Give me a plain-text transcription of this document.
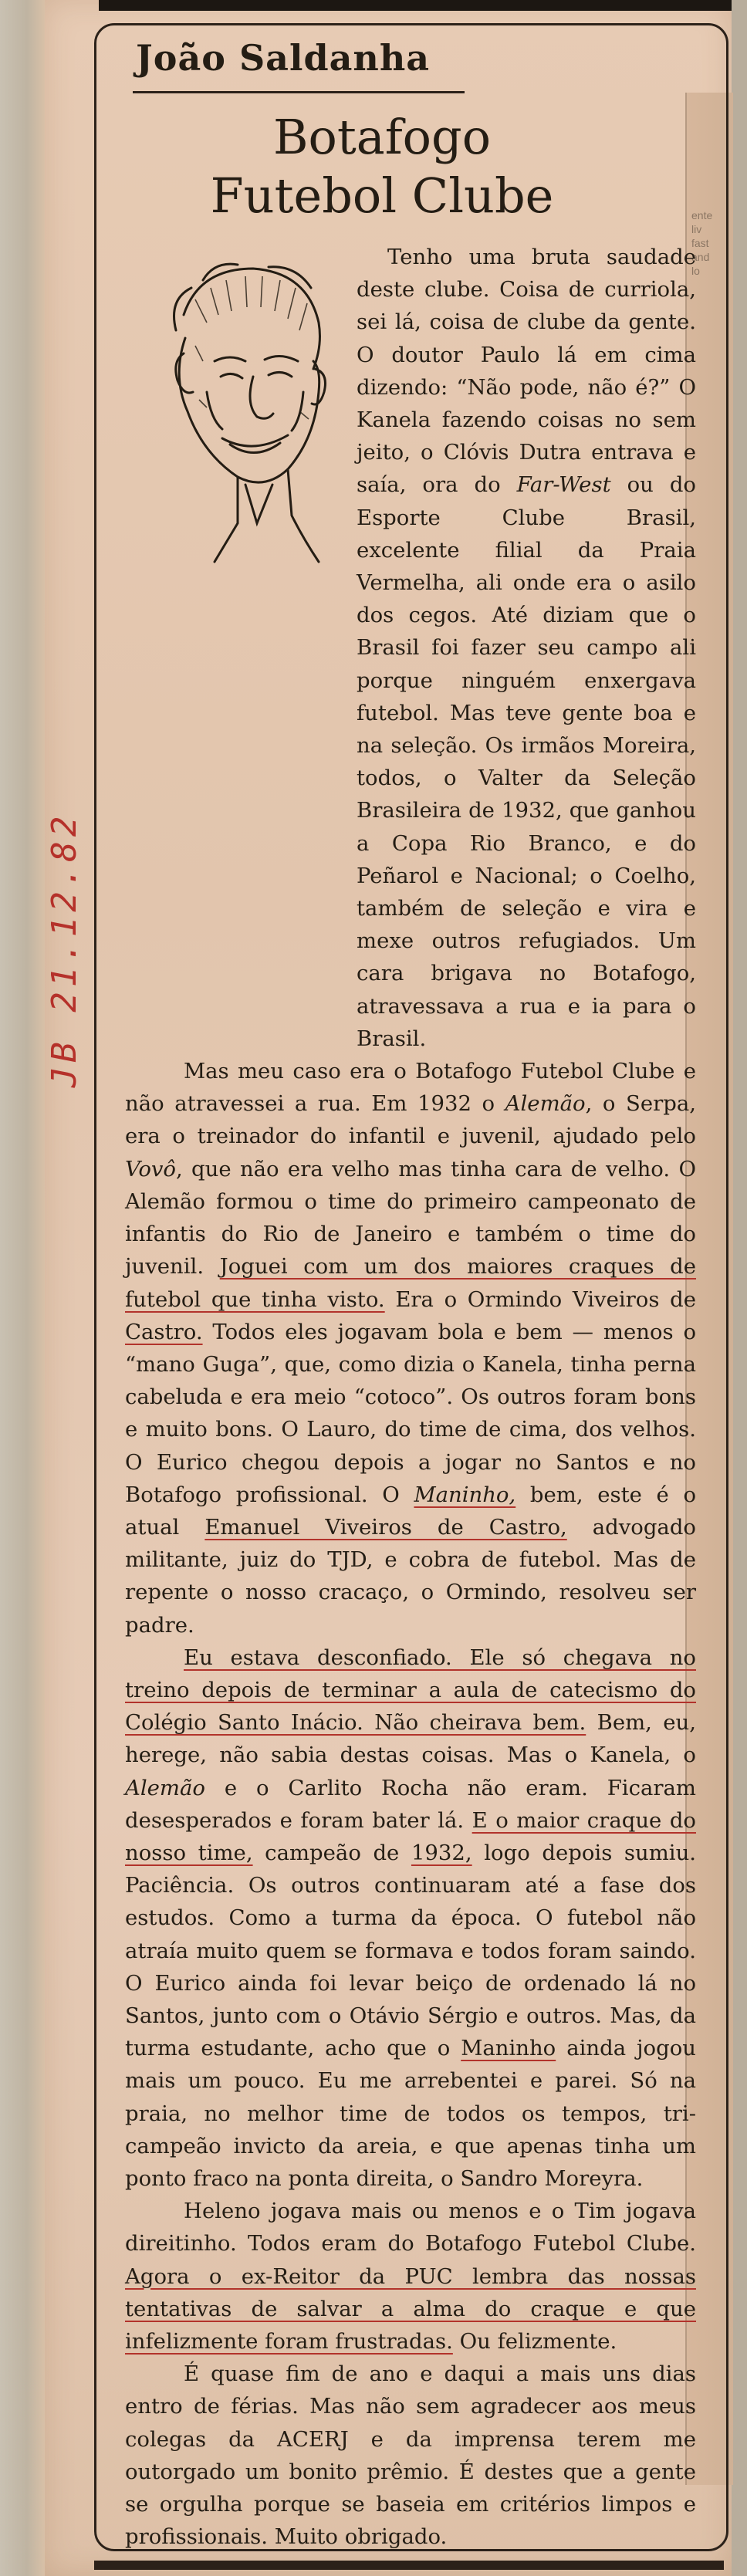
ente
liv
fast
and
lo
JB 21.12.82
João Saldanha
Botafogo Futebol Clube

Tenho uma bruta saudade deste clube. Coisa de curriola, sei lá, coisa de clube da gente. O doutor Paulo lá em cima dizendo: “Não pode, não é?” O Kanela fazendo coisas no sem jeito, o Clóvis Dutra entrava e saía, ora do Far-West ou do Esporte Clube Brasil, excelente filial da Praia Vermelha, ali onde era o asilo dos cegos. Até diziam que o Brasil foi fazer seu campo ali porque ninguém enxergava futebol. Mas teve gente boa e na seleção. Os irmãos Moreira, todos, o Valter da Seleção Brasileira de 1932, que ganhou a Copa Rio Branco, e do Peñarol e Nacional; o Coelho, também de seleção e vira e mexe outros refugiados. Um cara brigava no Botafogo, atravessava a rua e ia para o Brasil.

Mas meu caso era o Botafogo Futebol Clube e não atravessei a rua. Em 1932 o Alemão, o Serpa, era o treinador do infantil e juvenil, ajudado pelo Vovô, que não era velho mas tinha cara de velho. O Alemão formou o time do primeiro campeonato de infantis do Rio de Janeiro e também o time do juvenil. Joguei com um dos maiores craques de futebol que tinha visto. Era o Ormindo Viveiros de Castro. Todos eles jogavam bola e bem — menos o “mano Guga”, que, como dizia o Kanela, tinha perna cabeluda e era meio “cotoco”. Os outros foram bons e muito bons. O Lauro, do time de cima, dos velhos. O Eurico chegou depois a jogar no Santos e no Botafogo profissional. O Maninho, bem, este é o atual Emanuel Viveiros de Castro, advogado militante, juiz do TJD, e cobra de futebol. Mas de repente o nosso cracaço, o Ormindo, resolveu ser padre.

Eu estava desconfiado. Ele só chegava no treino depois de terminar a aula de catecismo do Colégio Santo Inácio. Não cheirava bem. Bem, eu, herege, não sabia destas coisas. Mas o Kanela, o Alemão e o Carlito Rocha não eram. Ficaram desesperados e foram bater lá. E o maior craque do nosso time, campeão de 1932, logo depois sumiu. Paciência. Os outros continuaram até a fase dos estudos. Como a turma da época. O futebol não atraía muito quem se formava e todos foram saindo. O Eurico ainda foi levar beiço de ordenado lá no Santos, junto com o Otávio Sérgio e outros. Mas, da turma estudante, acho que o Maninho ainda jogou mais um pouco. Eu me arrebentei e parei. Só na praia, no melhor time de todos os tempos, tri-campeão invicto da areia, e que apenas tinha um ponto fraco na ponta direita, o Sandro Moreyra.

Heleno jogava mais ou menos e o Tim jogava direitinho. Todos eram do Botafogo Futebol Clube. Agora o ex-Reitor da PUC lembra das nossas tentativas de salvar a alma do craque e que infelizmente foram frustradas. Ou felizmente.

É quase fim de ano e daqui a mais uns dias entro de férias. Mas não sem agradecer aos meus colegas da ACERJ e da imprensa terem me outorgado um bonito prêmio. É destes que a gente se orgulha porque se baseia em critérios limpos e profissionais. Muito obrigado.
